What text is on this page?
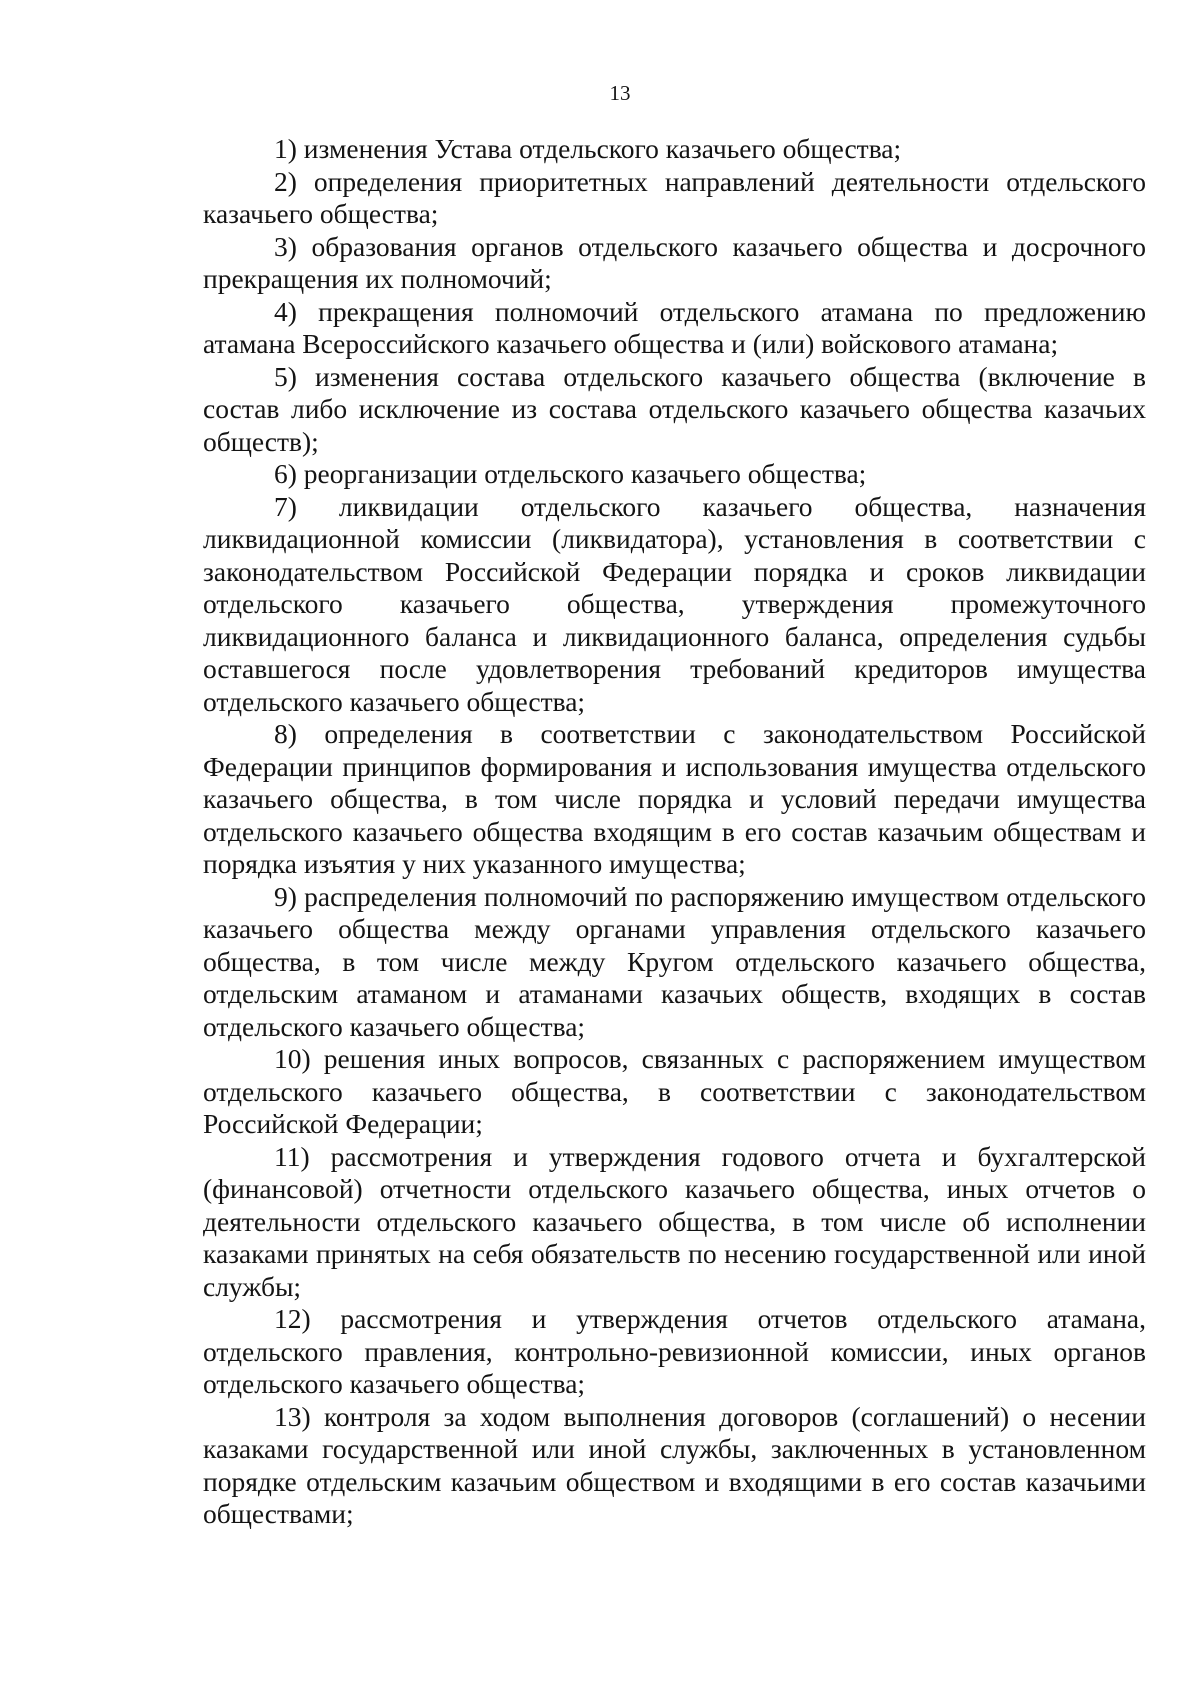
13

1) изменения Устава отдельского казачьего общества;

2) определения приоритетных направлений деятельности отдельского казачьего общества;

3) образования органов отдельского казачьего общества и досрочного прекращения их полномочий;

4) прекращения полномочий отдельского атамана по предложению атамана Всероссийского казачьего общества и (или) войскового атамана;

5) изменения состава отдельского казачьего общества (включение в состав либо исключение из состава отдельского казачьего общества казачьих обществ);

6) реорганизации отдельского казачьего общества;

7) ликвидации отдельского казачьего общества, назначения ликвидационной комиссии (ликвидатора), установления в соответствии с законодательством Российской Федерации порядка и сроков ликвидации отдельского казачьего общества, утверждения промежуточного ликвидационного баланса и ликвидационного баланса, определения судьбы оставшегося после удовлетворения требований кредиторов имущества отдельского казачьего общества;

8) определения в соответствии с законодательством Российской Федерации принципов формирования и использования имущества отдельского казачьего общества, в том числе порядка и условий передачи имущества отдельского казачьего общества входящим в его состав казачьим обществам и порядка изъятия у них указанного имущества;

9) распределения полномочий по распоряжению имуществом отдельского казачьего общества между органами управления отдельского казачьего общества, в том числе между Кругом отдельского казачьего общества, отдельским атаманом и атаманами казачьих обществ, входящих в состав отдельского казачьего общества;

10) решения иных вопросов, связанных с распоряжением имуществом отдельского казачьего общества, в соответствии с законодательством Российской Федерации;

11) рассмотрения и утверждения годового отчета и бухгалтерской (финансовой) отчетности отдельского казачьего общества, иных отчетов о деятельности отдельского казачьего общества, в том числе об исполнении казаками принятых на себя обязательств по несению государственной или иной службы;

12) рассмотрения и утверждения отчетов отдельского атамана, отдельского правления, контрольно-ревизионной комиссии, иных органов отдельского казачьего общества;

13) контроля за ходом выполнения договоров (соглашений) о несении казаками государственной или иной службы, заключенных в установленном порядке отдельским казачьим обществом и входящими в его состав казачьими обществами;
